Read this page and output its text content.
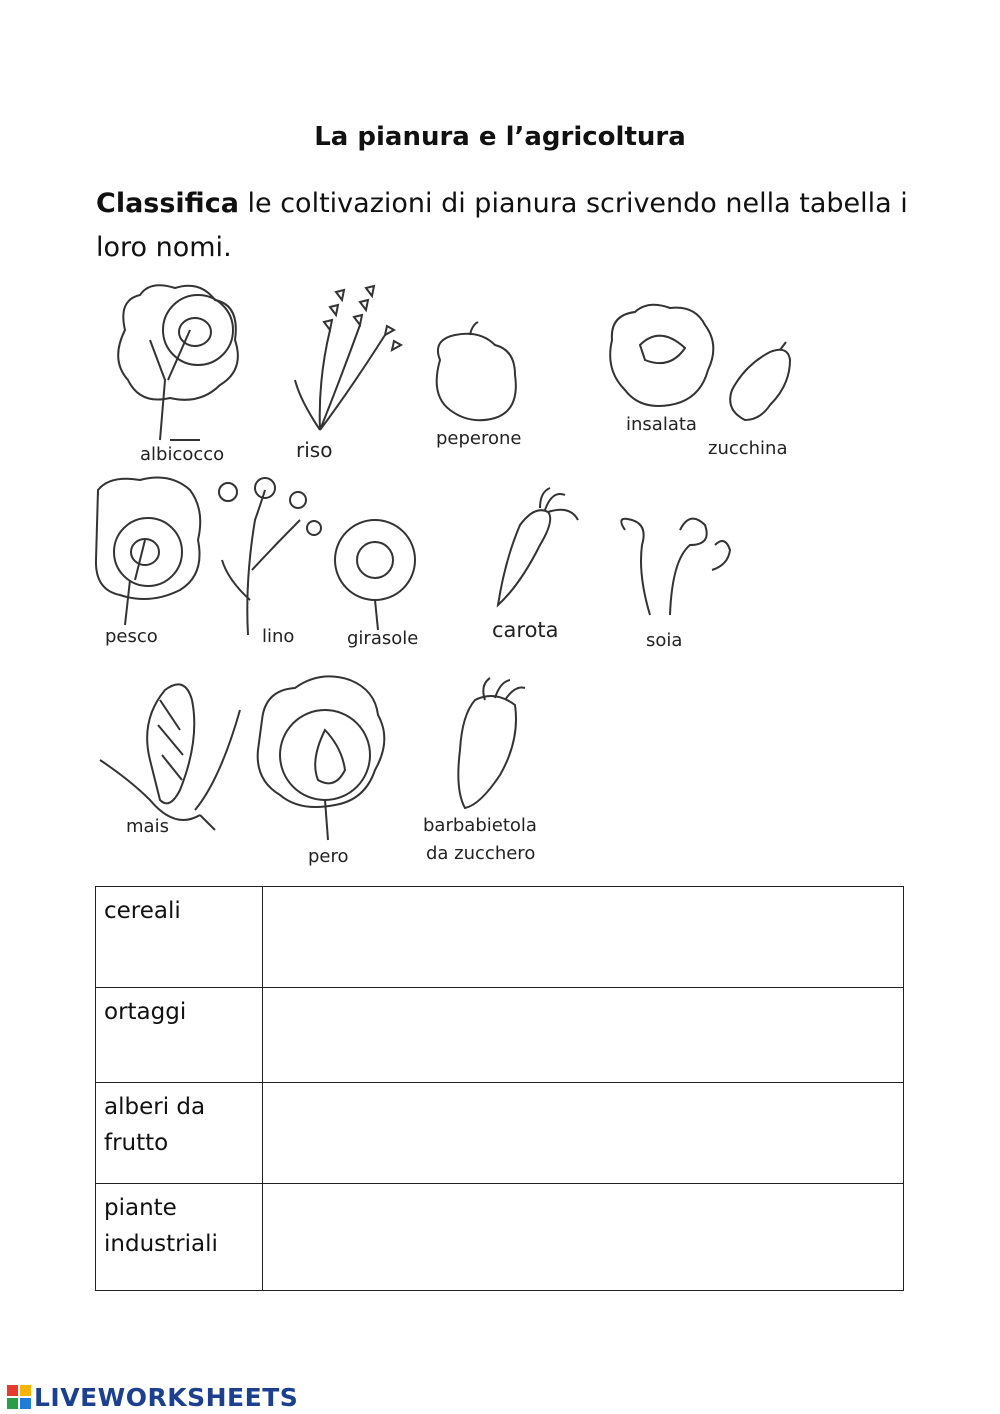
La pianura e l’agricoltura
Classifica le coltivazioni di pianura scrivendo nella tabella i loro nomi.
albicocco	riso	peperone
insalata
zucchina
pesco	lino	girasole	carota	soia
mais
pero
barbabietola
da zucchero
cereali	
ortaggi	
alberi da frutto	
piante industriali	
LIVEWORKSHEETS
